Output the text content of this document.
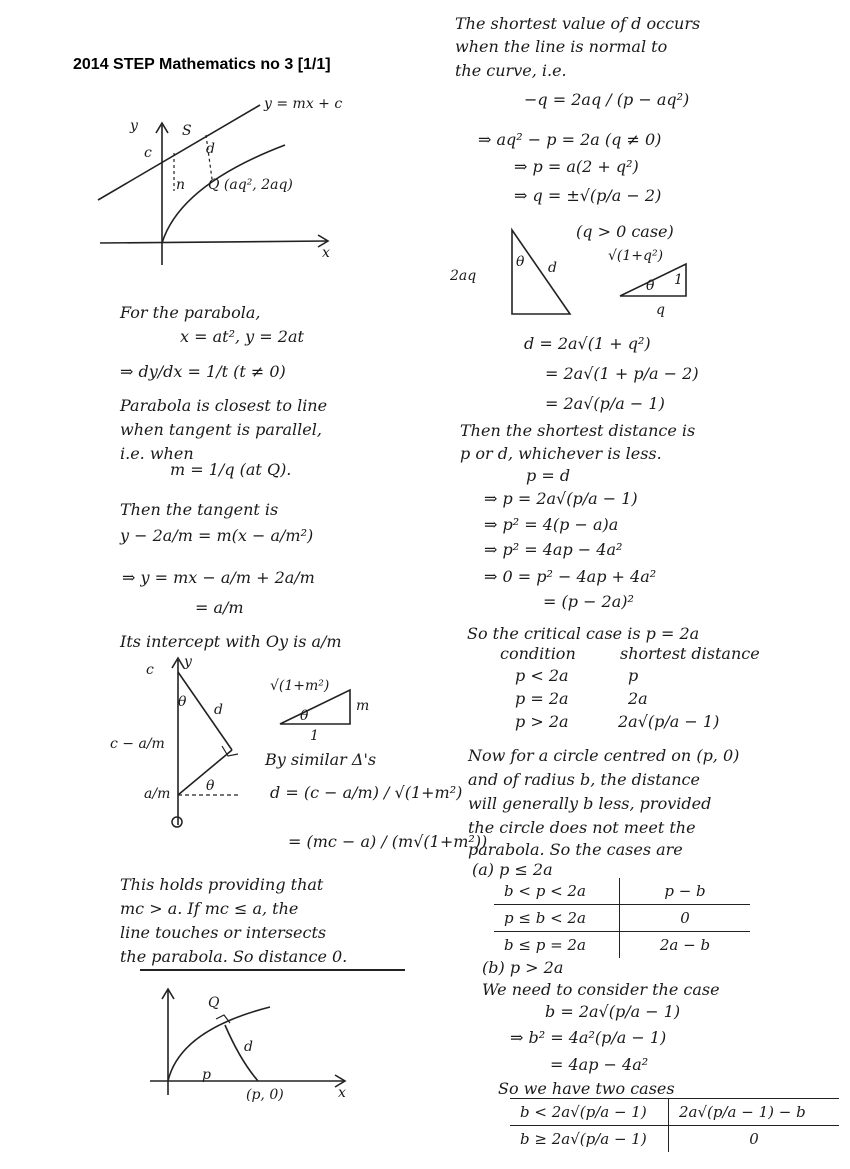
2014 STEP Mathematics no 3 [1/1]
y = mx + c
y
x
S
d
c
n Q (aq², 2aq)
For the parabola,
x = at², y = 2at
⇒ dy/dx = 1/t (t ≠ 0)
Parabola is closest to line
when tangent is parallel,
i.e. when
m = 1/q (at Q).
Then the tangent is
y − 2a/m = m(x − a/m²)
⇒ y = mx − a/m + 2a/m
= a/m
Its intercept with Oy is a/m
c y
θ d
c − a/m
a/m	θ
√(1+m²)
m
1
θ
By similar Δ's
d = (c − a/m) / √(1+m²)
= (mc − a) / (m√(1+m²))
This holds providing that
mc > a. If mc ≤ a, the
line touches or intersects
the parabola. So distance 0.
Q
d
p
(p, 0)	x
The shortest value of d occurs
when the line is normal to
the curve, i.e.
−q = 2aq / (p − aq²)
⇒ aq² − p = 2a (q ≠ 0)
⇒ p = a(2 + q²)
⇒ q = ±√(p/a − 2)
(q > 0 case)
2aq
θ d
√(1+q²)
1
θ
q
d = 2a√(1 + q²)
= 2a√(1 + p/a − 2)
= 2a√(p/a − 1)
Then the shortest distance is
p or d, whichever is less.
p = d
⇒ p = 2a√(p/a − 1)
⇒ p² = 4(p − a)a
⇒ p² = 4ap − 4a²
⇒ 0 = p² − 4ap + 4a²
= (p − 2a)²
So the critical case is p = 2a
condition	shortest distance
p < 2a	p
p = 2a	2a
p > 2a	2a√(p/a − 1)
Now for a circle centred on (p, 0)
and of radius b, the distance
will generally b less, provided
the circle does not meet the
parabola. So the cases are
(a) p ≤ 2a
b < p < 2a	p − b
p ≤ b < 2a	0
b ≤ p = 2a	2a − b
(b) p > 2a
We need to consider the case
b = 2a√(p/a − 1)
⇒ b² = 4a²(p/a − 1)
= 4ap − 4a²
So we have two cases
b < 2a√(p/a − 1)	2a√(p/a − 1) − b
b ≥ 2a√(p/a − 1)	0
